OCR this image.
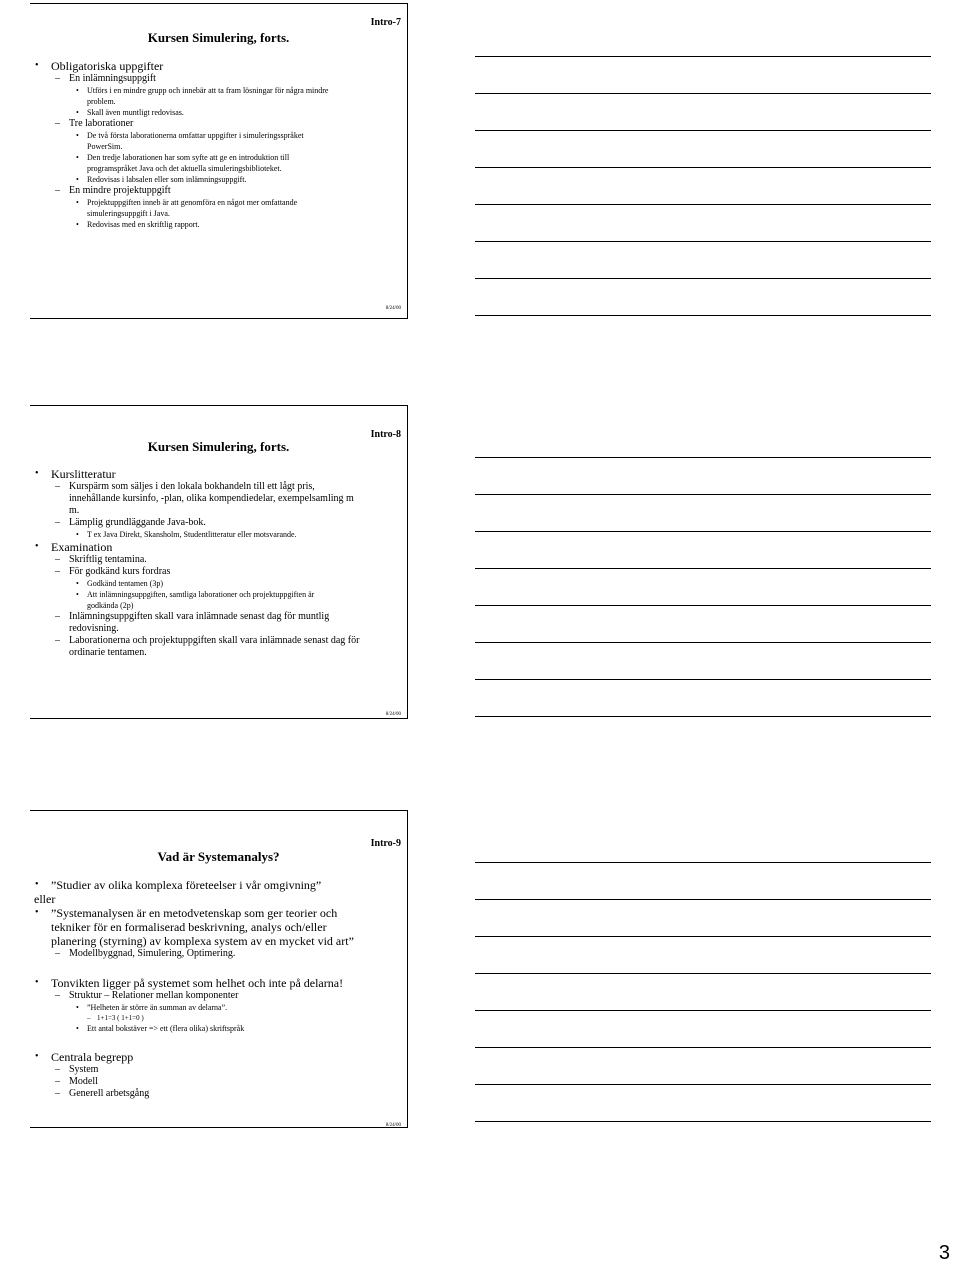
Intro-7
Kursen Simulering, forts.
• Obligatoriska uppgifter
– En inlämningsuppgift
• Utförs i en mindre grupp och innebär att ta fram lösningar för några mindre
problem.
• Skall även muntligt redovisas.
– Tre laborationer
• De två första laborationerna omfattar uppgifter i simuleringsspråket
PowerSim.
• Den tredje laborationen har som syfte att ge en introduktion till
programspråket Java och det aktuella simuleringsbiblioteket.
• Redovisas i labsalen eller som inlämningsuppgift.
– En mindre projektuppgift
• Projektuppgiften inneb är att genomföra en något mer omfattande
simuleringsuppgift i Java.
• Redovisas med en skriftlig rapport.
8/24/00
Intro-8
Kursen Simulering, forts.
• Kurslitteratur
– Kurspärm som säljes i den lokala bokhandeln till ett lågt pris,
innehållande kursinfo, -plan, olika kompendiedelar, exempelsamling m
m.
– Lämplig grundläggande Java-bok.
• T ex Java Direkt, Skansholm, Studentlitteratur eller motsvarande.
• Examination
– Skriftlig tentamina.
– För godkänd kurs fordras
• Godkänd tentamen (3p)
• Att inlämningsuppgiften, samtliga laborationer och projektuppgiften är
godkända (2p)
– Inlämningsuppgiften skall vara inlämnade senast dag för muntlig
redovisning.
– Laborationerna och projektuppgiften skall vara inlämnade senast dag för
ordinarie tentamen.
8/24/00
Intro-9
Vad är Systemanalys?
• ”Studier av olika komplexa företeelser i vår omgivning”
eller
• ”Systemanalysen är en metodvetenskap som ger teorier och
tekniker för en formaliserad beskrivning, analys och/eller
planering (styrning) av komplexa system av en mycket vid art”
– Modellbyggnad, Simulering, Optimering.
• Tonvikten ligger på systemet som helhet och inte på delarna!
– Struktur – Relationer mellan komponenter
• ”Helheten är större än summan av delarna”.
– 1+1=3 ( 1+1=0 )
• Ett antal bokstäver => ett (flera olika) skriftspråk
• Centrala begrepp
– System
– Modell
– Generell arbetsgång
8/24/00
3
